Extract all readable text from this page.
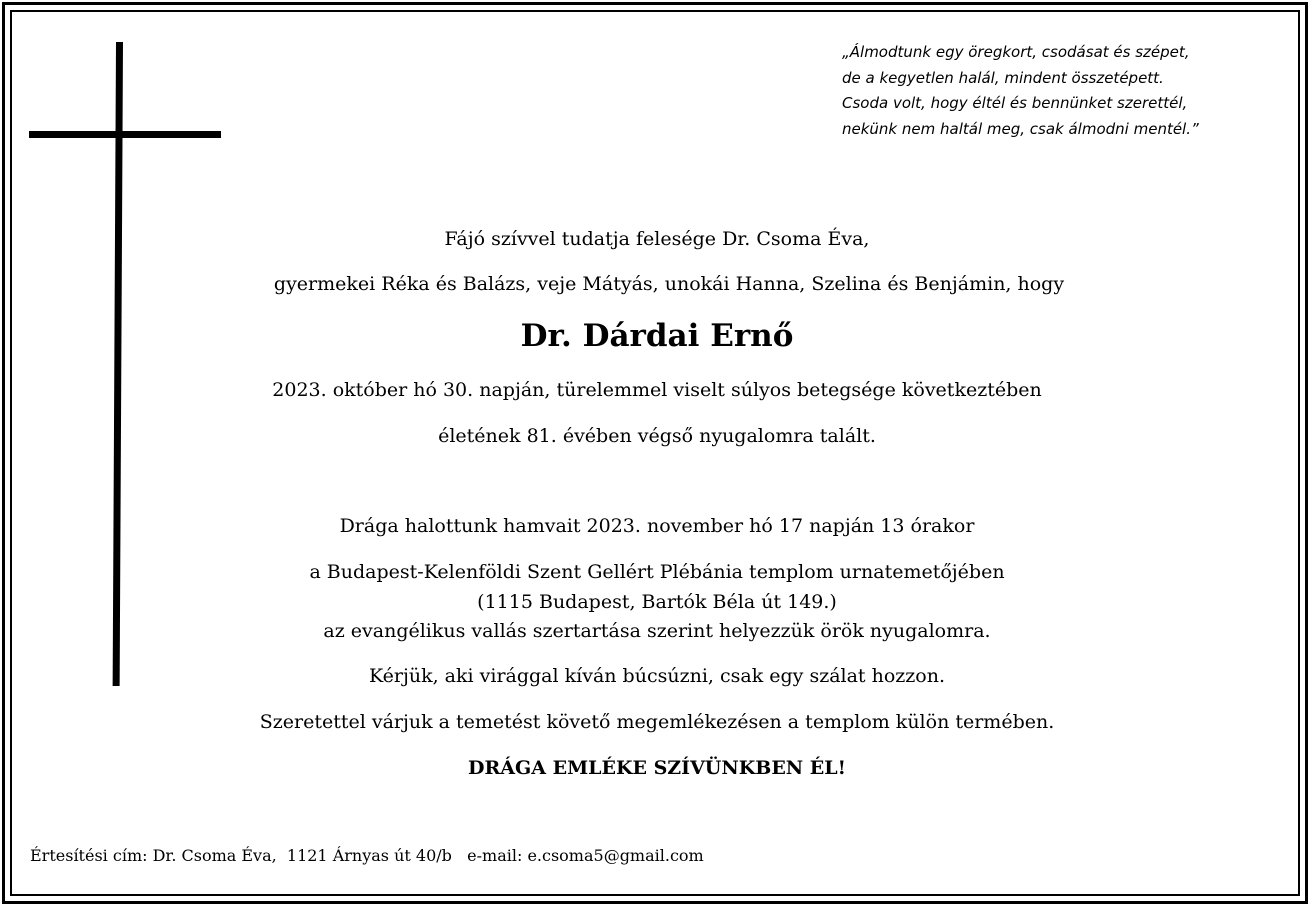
„Álmodtunk egy öregkort, csodásat és szépet,
de a kegyetlen halál, mindent összetépett.
Csoda volt, hogy éltél és bennünket szerettél,
nekünk nem haltál meg, csak álmodni mentél.”
Fájó szívvel tudatja felesége Dr. Csoma Éva,
gyermekei Réka és Balázs, veje Mátyás, unokái Hanna, Szelina és Benjámin, hogy
Dr. Dárdai Ernő
2023. október hó 30. napján, türelemmel viselt súlyos betegsége következtében
életének 81. évében végső nyugalomra talált.
Drága halottunk hamvait 2023. november hó 17 napján 13 órakor
a Budapest-Kelenföldi Szent Gellért Plébánia templom urnatemetőjében
(1115 Budapest, Bartók Béla út 149.)
az evangélikus vallás szertartása szerint helyezzük örök nyugalomra.
Kérjük, aki virággal kíván búcsúzni, csak egy szálat hozzon.
Szeretettel várjuk a temetést követő megemlékezésen a templom külön termében.
DRÁGA EMLÉKE SZÍVÜNKBEN ÉL!
Értesítési cím: Dr. Csoma Éva,  1121 Árnyas út 40/b   e-mail: e.csoma5@gmail.com
